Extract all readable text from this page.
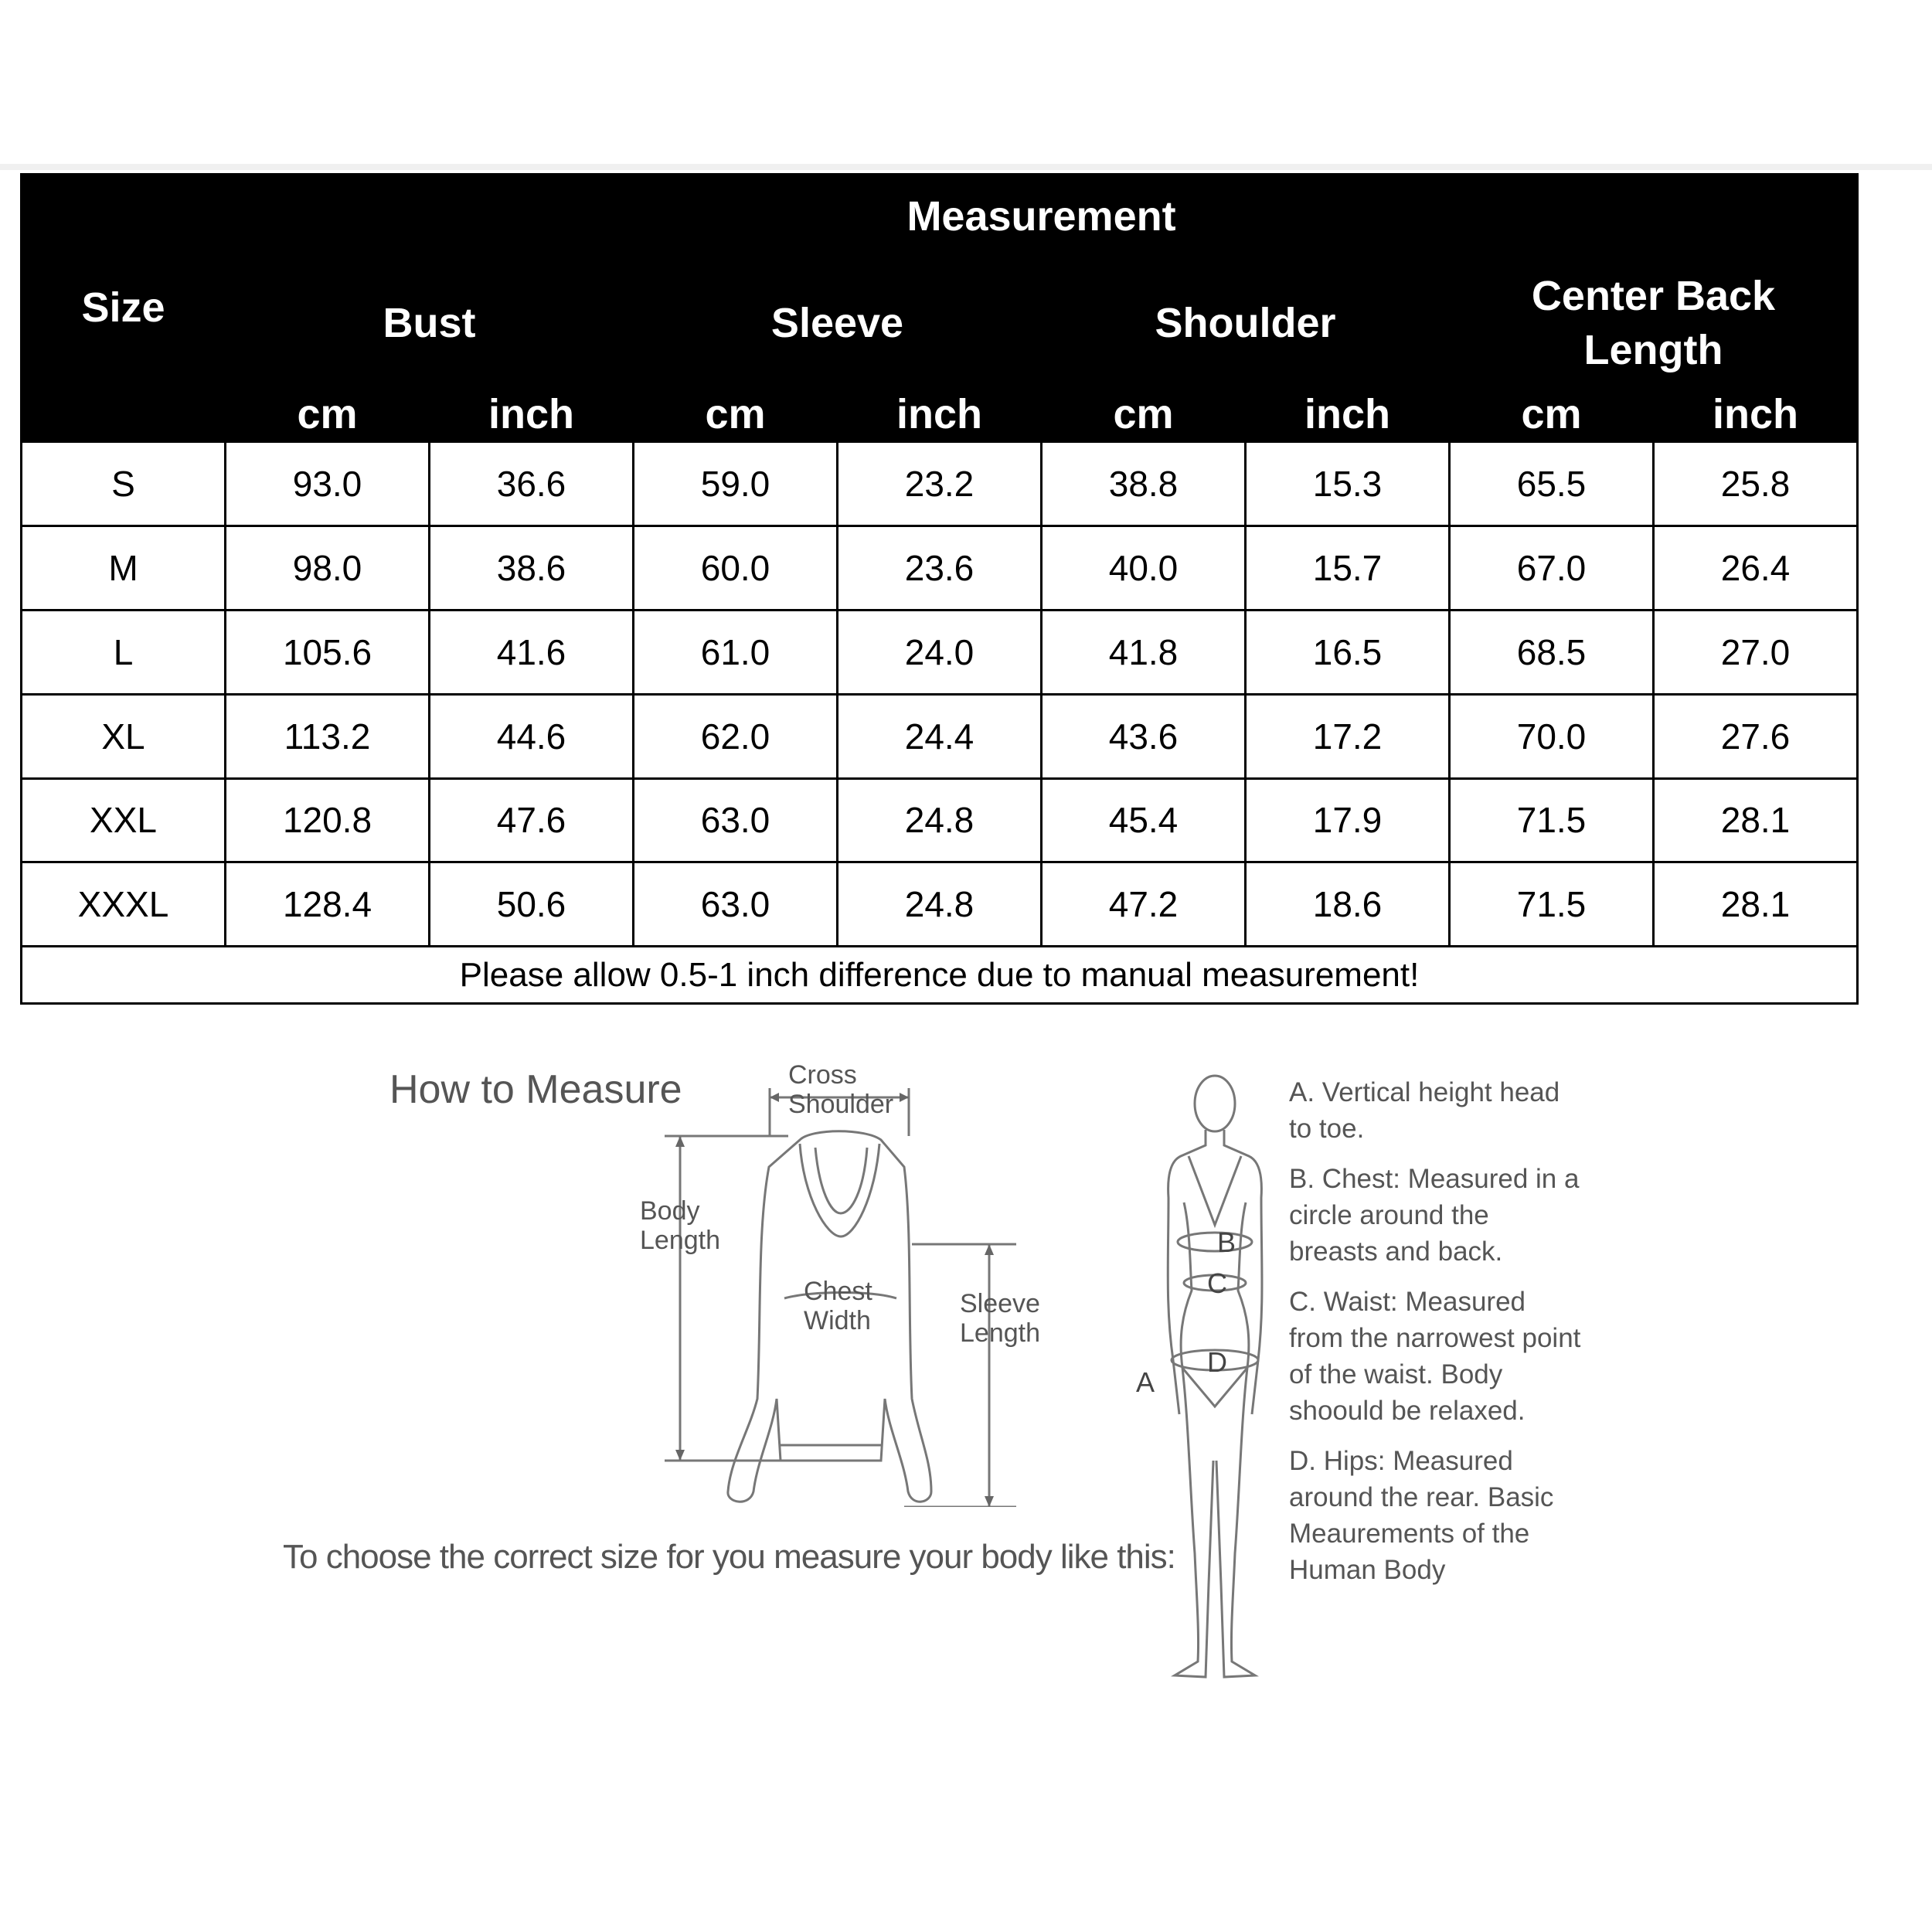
Size	Measurement							
	Bust		Sleeve		Shoulder		Center Back Length	
	cm	inch	cm	inch	cm	inch	cm	inch
S	93.0	36.6	59.0	23.2	38.8	15.3	65.5	25.8
M	98.0	38.6	60.0	23.6	40.0	15.7	67.0	26.4
L	105.6	41.6	61.0	24.0	41.8	16.5	68.5	27.0
XL	113.2	44.6	62.0	24.4	43.6	17.2	70.0	27.6
XXL	120.8	47.6	63.0	24.8	45.4	17.9	71.5	28.1
XXXL	128.4	50.6	63.0	24.8	47.2	18.6	71.5	28.1
Please allow 0.5-1 inch difference due to manual measurement!								
How to Measure
To choose the correct size for you measure your body like this:
Cross
Shoulder
Body
Length
Chest
Width
Sleeve
Length
B
C
D
A
A. Vertical height head to toe.
B. Chest: Measured in a circle around the breasts and back.
C. Waist: Measured from the narrowest point of the waist. Body shoould be relaxed.
D. Hips: Measured around the rear. Basic Meaurements of the Human Body
